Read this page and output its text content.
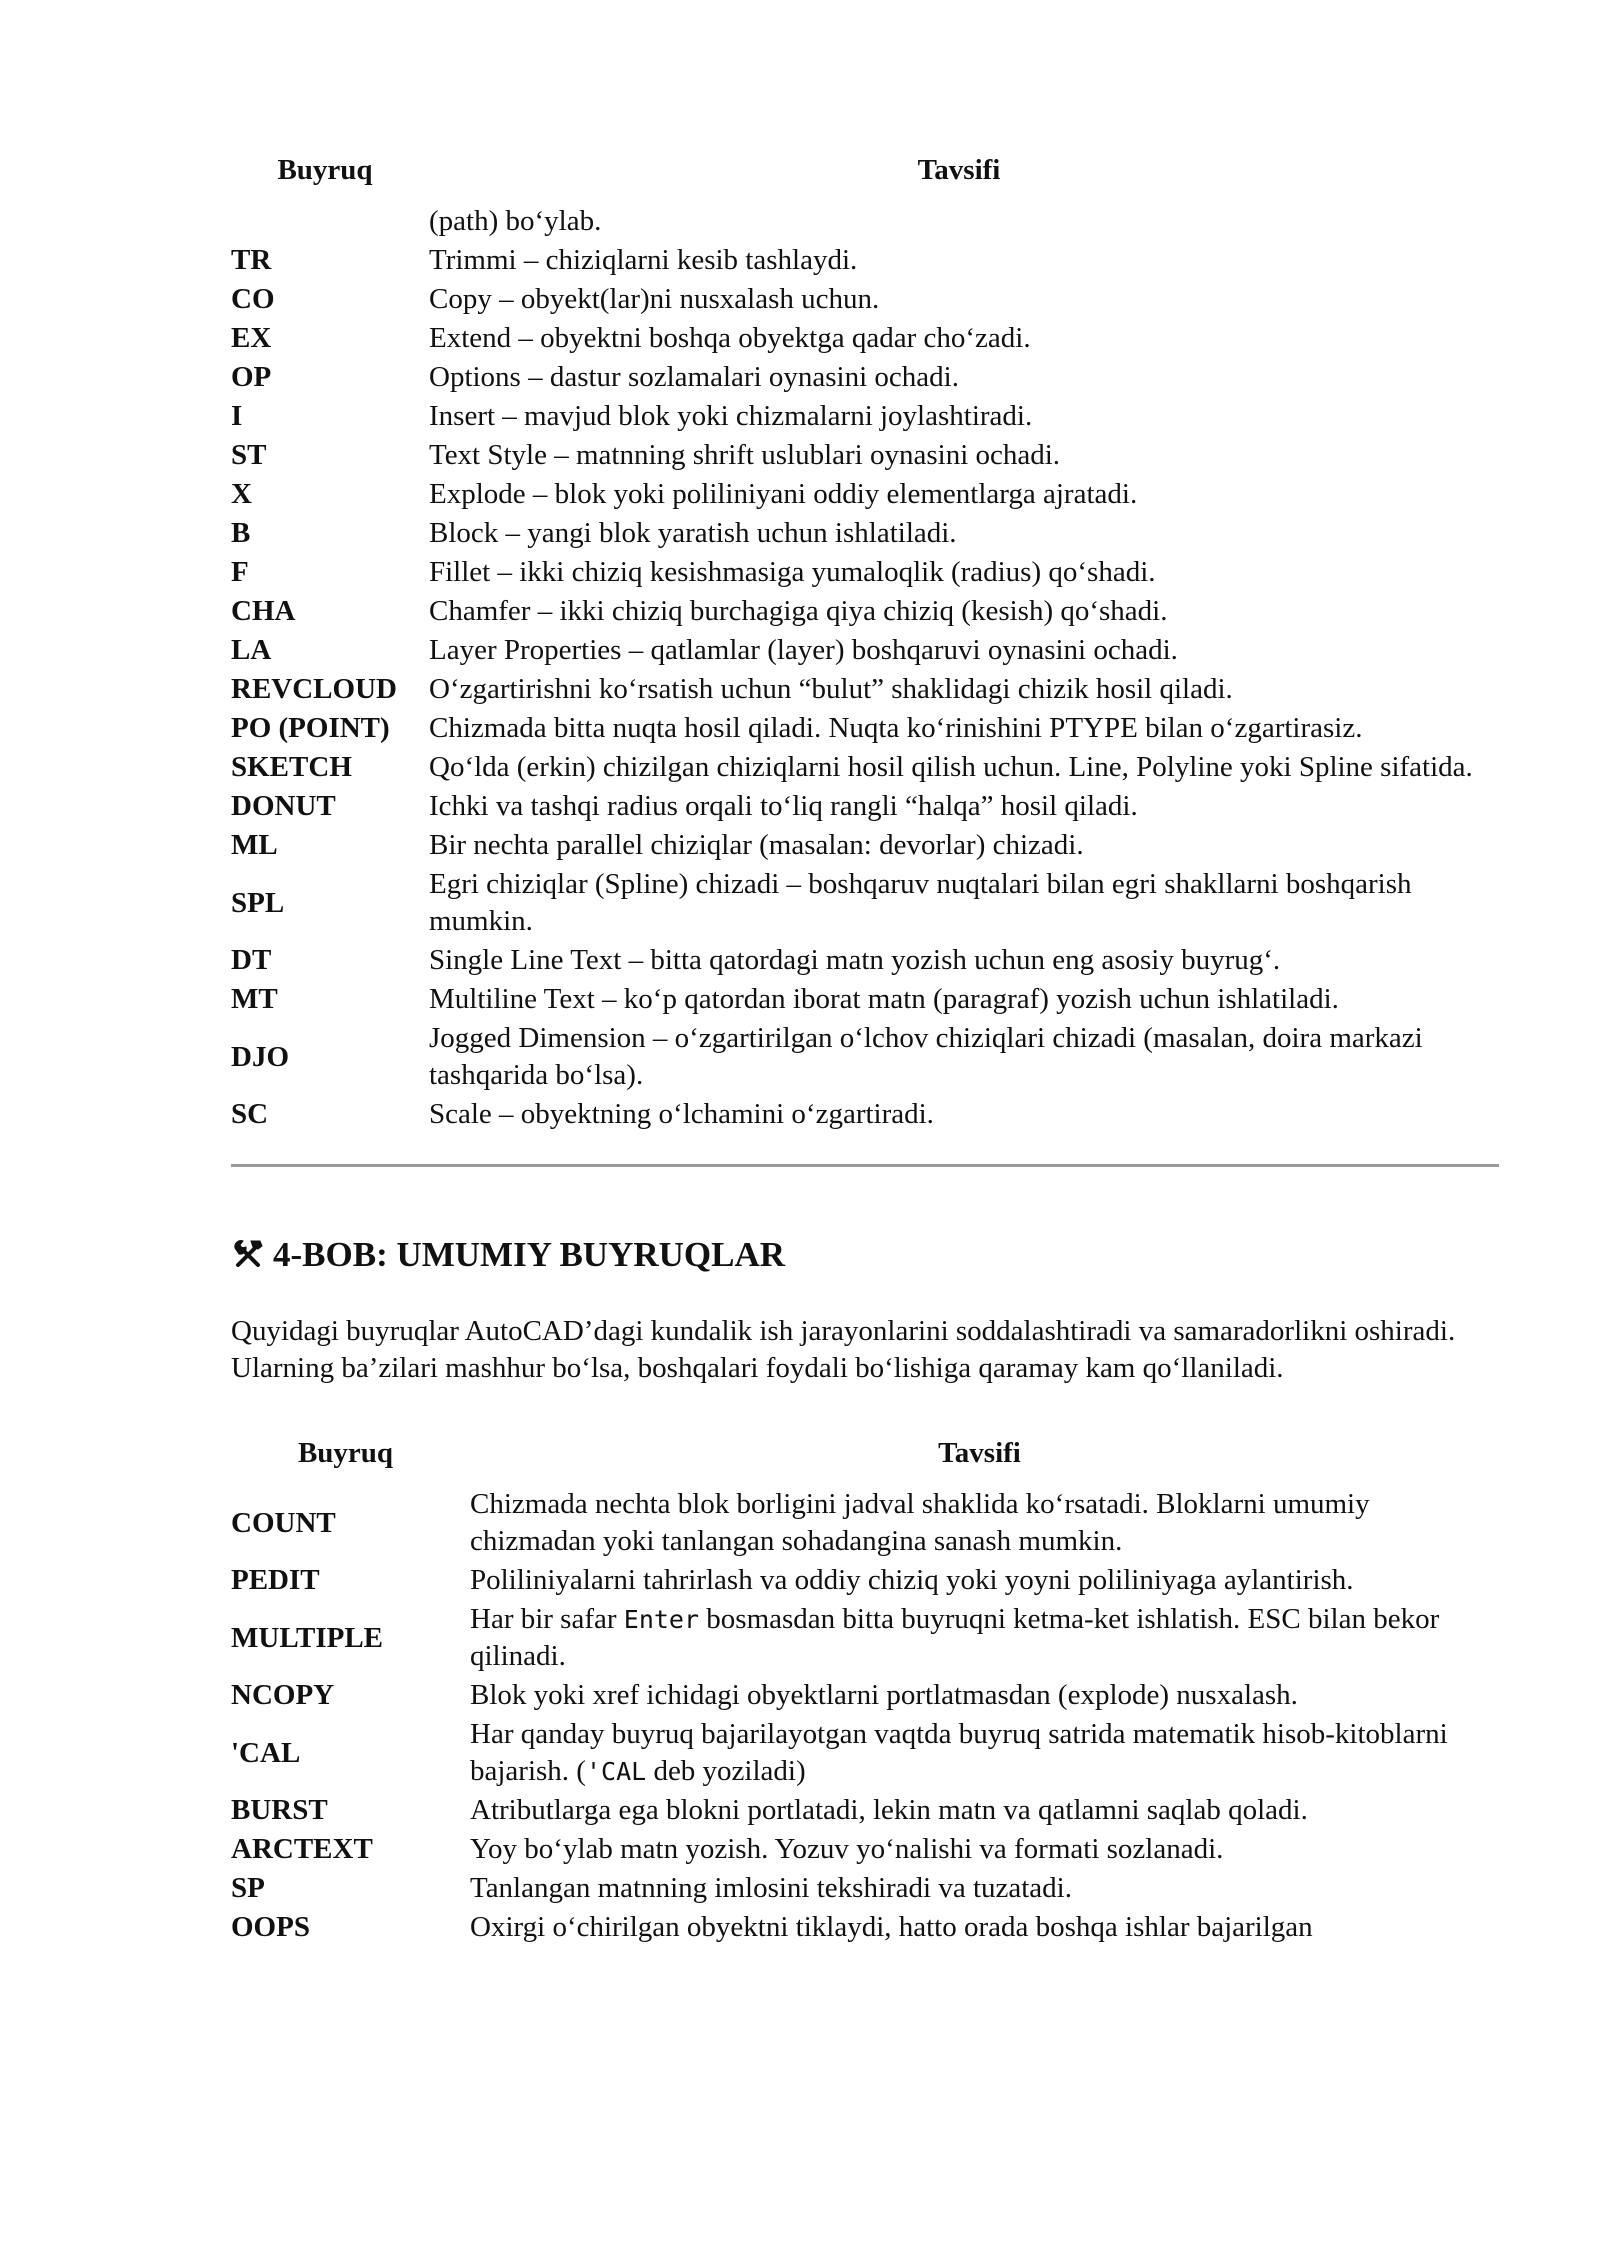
Buyruq	Tavsifi
	(path) bo‘ylab.
TR	Trimmi – chiziqlarni kesib tashlaydi.
CO	Copy – obyekt(lar)ni nusxalash uchun.
EX	Extend – obyektni boshqa obyektga qadar cho‘zadi.
OP	Options – dastur sozlamalari oynasini ochadi.
I	Insert – mavjud blok yoki chizmalarni joylashtiradi.
ST	Text Style – matnning shrift uslublari oynasini ochadi.
X	Explode – blok yoki poliliniyani oddiy elementlarga ajratadi.
B	Block – yangi blok yaratish uchun ishlatiladi.
F	Fillet – ikki chiziq kesishmasiga yumaloqlik (radius) qo‘shadi.
CHA	Chamfer – ikki chiziq burchagiga qiya chiziq (kesish) qo‘shadi.
LA	Layer Properties – qatlamlar (layer) boshqaruvi oynasini ochadi.
REVCLOUD	O‘zgartirishni ko‘rsatish uchun “bulut” shaklidagi chizik hosil qiladi.
PO (POINT)	Chizmada bitta nuqta hosil qiladi. Nuqta ko‘rinishini PTYPE bilan o‘zgartirasiz.
SKETCH	Qo‘lda (erkin) chizilgan chiziqlarni hosil qilish uchun. Line, Polyline yoki Spline sifatida.
DONUT	Ichki va tashqi radius orqali to‘liq rangli “halqa” hosil qiladi.
ML	Bir nechta parallel chiziqlar (masalan: devorlar) chizadi.
SPL	Egri chiziqlar (Spline) chizadi – boshqaruv nuqtalari bilan egri shakllarni boshqarish mumkin.
DT	Single Line Text – bitta qatordagi matn yozish uchun eng asosiy buyrug‘.
MT	Multiline Text – ko‘p qatordan iborat matn (paragraf) yozish uchun ishlatiladi.
DJO	Jogged Dimension – o‘zgartirilgan o‘lchov chiziqlari chizadi (masalan, doira markazi tashqarida bo‘lsa).
SC	Scale – obyektning o‘lchamini o‘zgartiradi.
4-BOB: UMUMIY BUYRUQLAR
Quyidagi buyruqlar AutoCAD’dagi kundalik ish jarayonlarini soddalashtiradi va samaradorlikni oshiradi. Ularning ba’zilari mashhur bo‘lsa, boshqalari foydali bo‘lishiga qaramay kam qo‘llaniladi.
Buyruq	Tavsifi
COUNT	Chizmada nechta blok borligini jadval shaklida ko‘rsatadi. Bloklarni umumiy chizmadan yoki tanlangan sohadangina sanash mumkin.
PEDIT	Poliliniyalarni tahrirlash va oddiy chiziq yoki yoyni poliliniyaga aylantirish.
MULTIPLE	Har bir safar Enter bosmasdan bitta buyruqni ketma-ket ishlatish. ESC bilan bekor qilinadi.
NCOPY	Blok yoki xref ichidagi obyektlarni portlatmasdan (explode) nusxalash.
'CAL	Har qanday buyruq bajarilayotgan vaqtda buyruq satrida matematik hisob-kitoblarni bajarish. ('CAL deb yoziladi)
BURST	Atributlarga ega blokni portlatadi, lekin matn va qatlamni saqlab qoladi.
ARCTEXT	Yoy bo‘ylab matn yozish. Yozuv yo‘nalishi va formati sozlanadi.
SP	Tanlangan matnning imlosini tekshiradi va tuzatadi.
OOPS	Oxirgi o‘chirilgan obyektni tiklaydi, hatto orada boshqa ishlar bajarilgan
